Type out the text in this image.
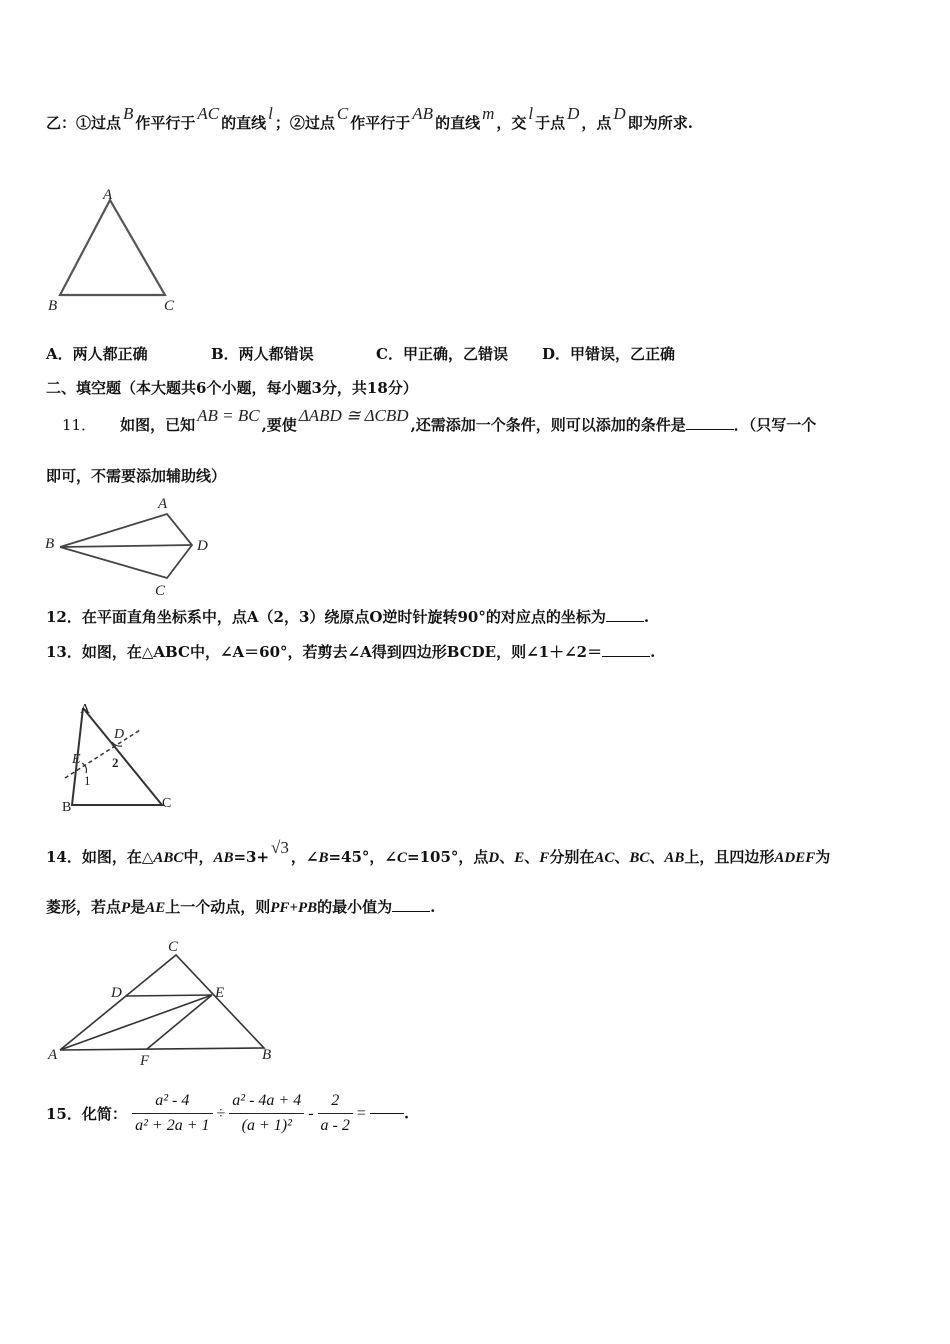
乙：①过点 B 作平行于 AC 的直线 l ；②过点 C 作平行于 AB 的直线 m ，交 l 于点 D ，点 D 即为所求.
A
B	C
A．两人都正确	B．两人都错误	C．甲正确，乙错误 D．甲错误，乙正确
二、填空题（本大题共6个小题，每小题3分，共18分）
11． 如图，已知 AB = BC ,要使 ΔABD ≅ ΔCBD ,还需添加一个条件，则可以添加的条件是	．（只写一个
即可，不需要添加辅助线）
A
B
C
D
12．在平面直角坐标系中，点A（2，3）绕原点O逆时针旋转90°的对应点的坐标为	.
13．如图，在△ABC中，∠A＝60°，若剪去∠A得到四边形BCDE，则∠1＋∠2＝	.
A
B	C
D
E
1
2
14．如图，在△ABC中，AB=3+ √3 ，∠B=45°，∠C=105°，点D、E、F分别在AC、BC、AB上，且四边形ADEF为
菱形，若点P是AE上一个动点，则PF+PB的最小值为	.
A	B
C
D	E
F
15．化简： $\frac{\text{a² - 4}}{\text{a² + 2a + 1}} \div \frac{\text{a² - 4a + 4}}{\text{(a + 1)²}} - \frac{2}{a - 2}$ =	.
